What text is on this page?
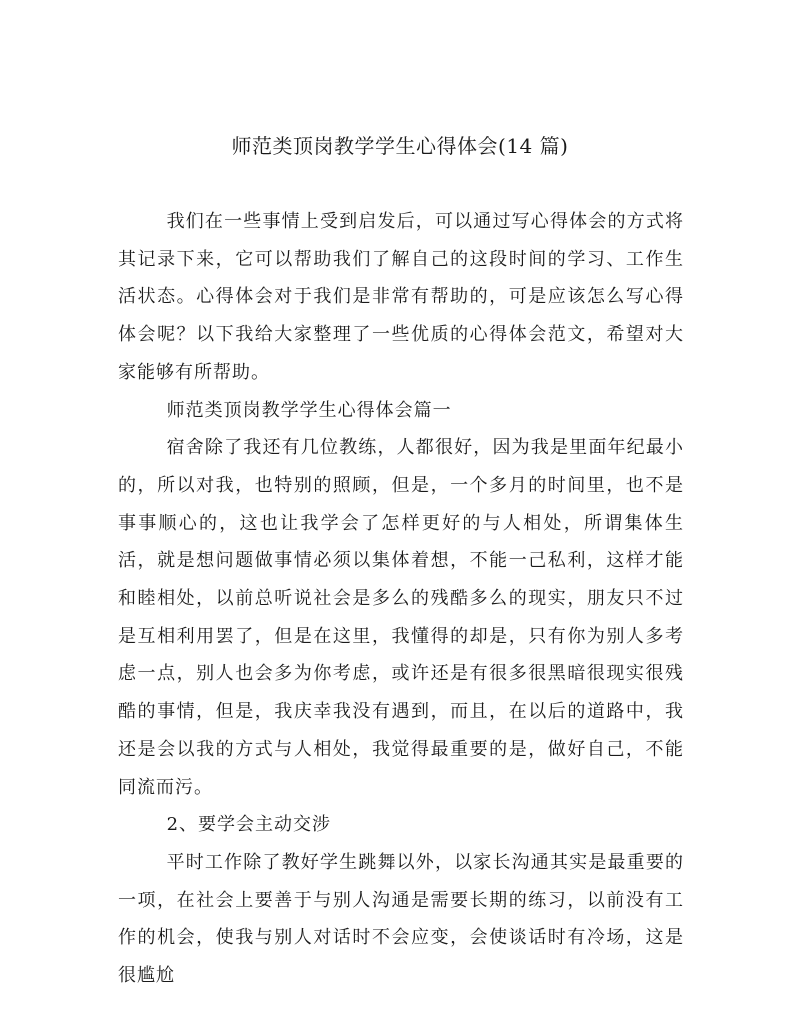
师范类顶岗教学学生心得体会(14 篇)

我们在一些事情上受到启发后，可以通过写心得体会的方式将其记录下来，它可以帮助我们了解自己的这段时间的学习、工作生活状态。心得体会对于我们是非常有帮助的，可是应该怎么写心得体会呢？以下我给大家整理了一些优质的心得体会范文，希望对大家能够有所帮助。

师范类顶岗教学学生心得体会篇一

宿舍除了我还有几位教练，人都很好，因为我是里面年纪最小的，所以对我，也特别的照顾，但是，一个多月的时间里，也不是事事顺心的，这也让我学会了怎样更好的与人相处，所谓集体生活，就是想问题做事情必须以集体着想，不能一己私利，这样才能和睦相处，以前总听说社会是多么的残酷多么的现实，朋友只不过是互相利用罢了，但是在这里，我懂得的却是，只有你为别人多考虑一点，别人也会多为你考虑，或许还是有很多很黑暗很现实很残酷的事情，但是，我庆幸我没有遇到，而且，在以后的道路中，我还是会以我的方式与人相处，我觉得最重要的是，做好自己，不能同流而污。

2、要学会主动交涉

平时工作除了教好学生跳舞以外，以家长沟通其实是最重要的一项，在社会上要善于与别人沟通是需要长期的练习，以前没有工作的机会，使我与别人对话时不会应变，会使谈话时有冷场，这是很尴尬
